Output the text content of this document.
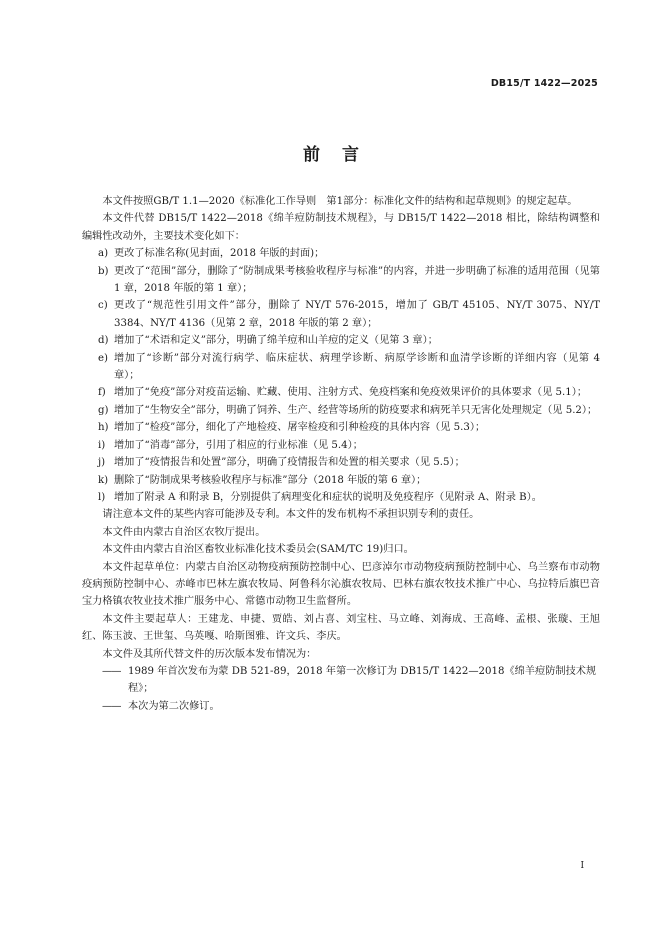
DB15/T 1422—2025
前言

本文件按照GB/T 1.1—2020《标准化工作导则　第1部分：标准化文件的结构和起草规则》的规定起草。

本文件代替 DB15/T 1422—2018《绵羊痘防制技术规程》，与 DB15/T 1422—2018 相比，除结构调整和编辑性改动外，主要技术变化如下：

a) 更改了标准名称(见封面，2018 年版的封面)；
b) 更改了“范围”部分，删除了“防制成果考核验收程序与标准”的内容，并进一步明确了标准的适用范围（见第 1 章，2018 年版的第 1 章）；
c) 更改了“规范性引用文件”部分，删除了 NY/T 576-2015，增加了 GB/T 45105、NY/T 3075、NY/T 3384、NY/T 4136（见第 2 章，2018 年版的第 2 章）；
d) 增加了“术语和定义”部分，明确了绵羊痘和山羊痘的定义（见第 3 章）；
e) 增加了“诊断”部分对流行病学、临床症状、病理学诊断、病原学诊断和血清学诊断的详细内容（见第 4 章）；
f) 增加了“免疫”部分对疫苗运输、贮藏、使用、注射方式、免疫档案和免疫效果评价的具体要求（见 5.1）；
g) 增加了“生物安全”部分，明确了饲养、生产、经营等场所的防疫要求和病死羊只无害化处理规定（见 5.2）；
h) 增加了“检疫”部分，细化了产地检疫、屠宰检疫和引种检疫的具体内容（见 5.3）；
i) 增加了“消毒”部分，引用了相应的行业标准（见 5.4）；
j) 增加了“疫情报告和处置”部分，明确了疫情报告和处置的相关要求（见 5.5）；
k) 删除了“防制成果考核验收程序与标准”部分（2018 年版的第 6 章）；
l) 增加了附录 A 和附录 B，分别提供了病理变化和症状的说明及免疫程序（见附录 A、附录 B）。

请注意本文件的某些内容可能涉及专利。本文件的发布机构不承担识别专利的责任。

本文件由内蒙古自治区农牧厅提出。

本文件由内蒙古自治区畜牧业标准化技术委员会(SAM/TC 19)归口。

本文件起草单位：内蒙古自治区动物疫病预防控制中心、巴彦淖尔市动物疫病预防控制中心、乌兰察布市动物疫病预防控制中心、赤峰市巴林左旗农牧局、阿鲁科尔沁旗农牧局、巴林右旗农牧技术推广中心、乌拉特后旗巴音宝力格镇农牧业技术推广服务中心、常德市动物卫生监督所。

本文件主要起草人：王建龙、申捷、贾皓、刘占喜、刘宝柱、马立峰、刘海成、王高峰、孟根、张璇、王旭红、陈玉波、王世玺、乌英嘎、哈斯图雅、许文兵、李庆。

本文件及其所代替文件的历次版本发布情况为：

—— 1989 年首次发布为蒙 DB 521-89，2018 年第一次修订为 DB15/T 1422—2018《绵羊痘防制技术规程》；
—— 本次为第二次修订。
I
